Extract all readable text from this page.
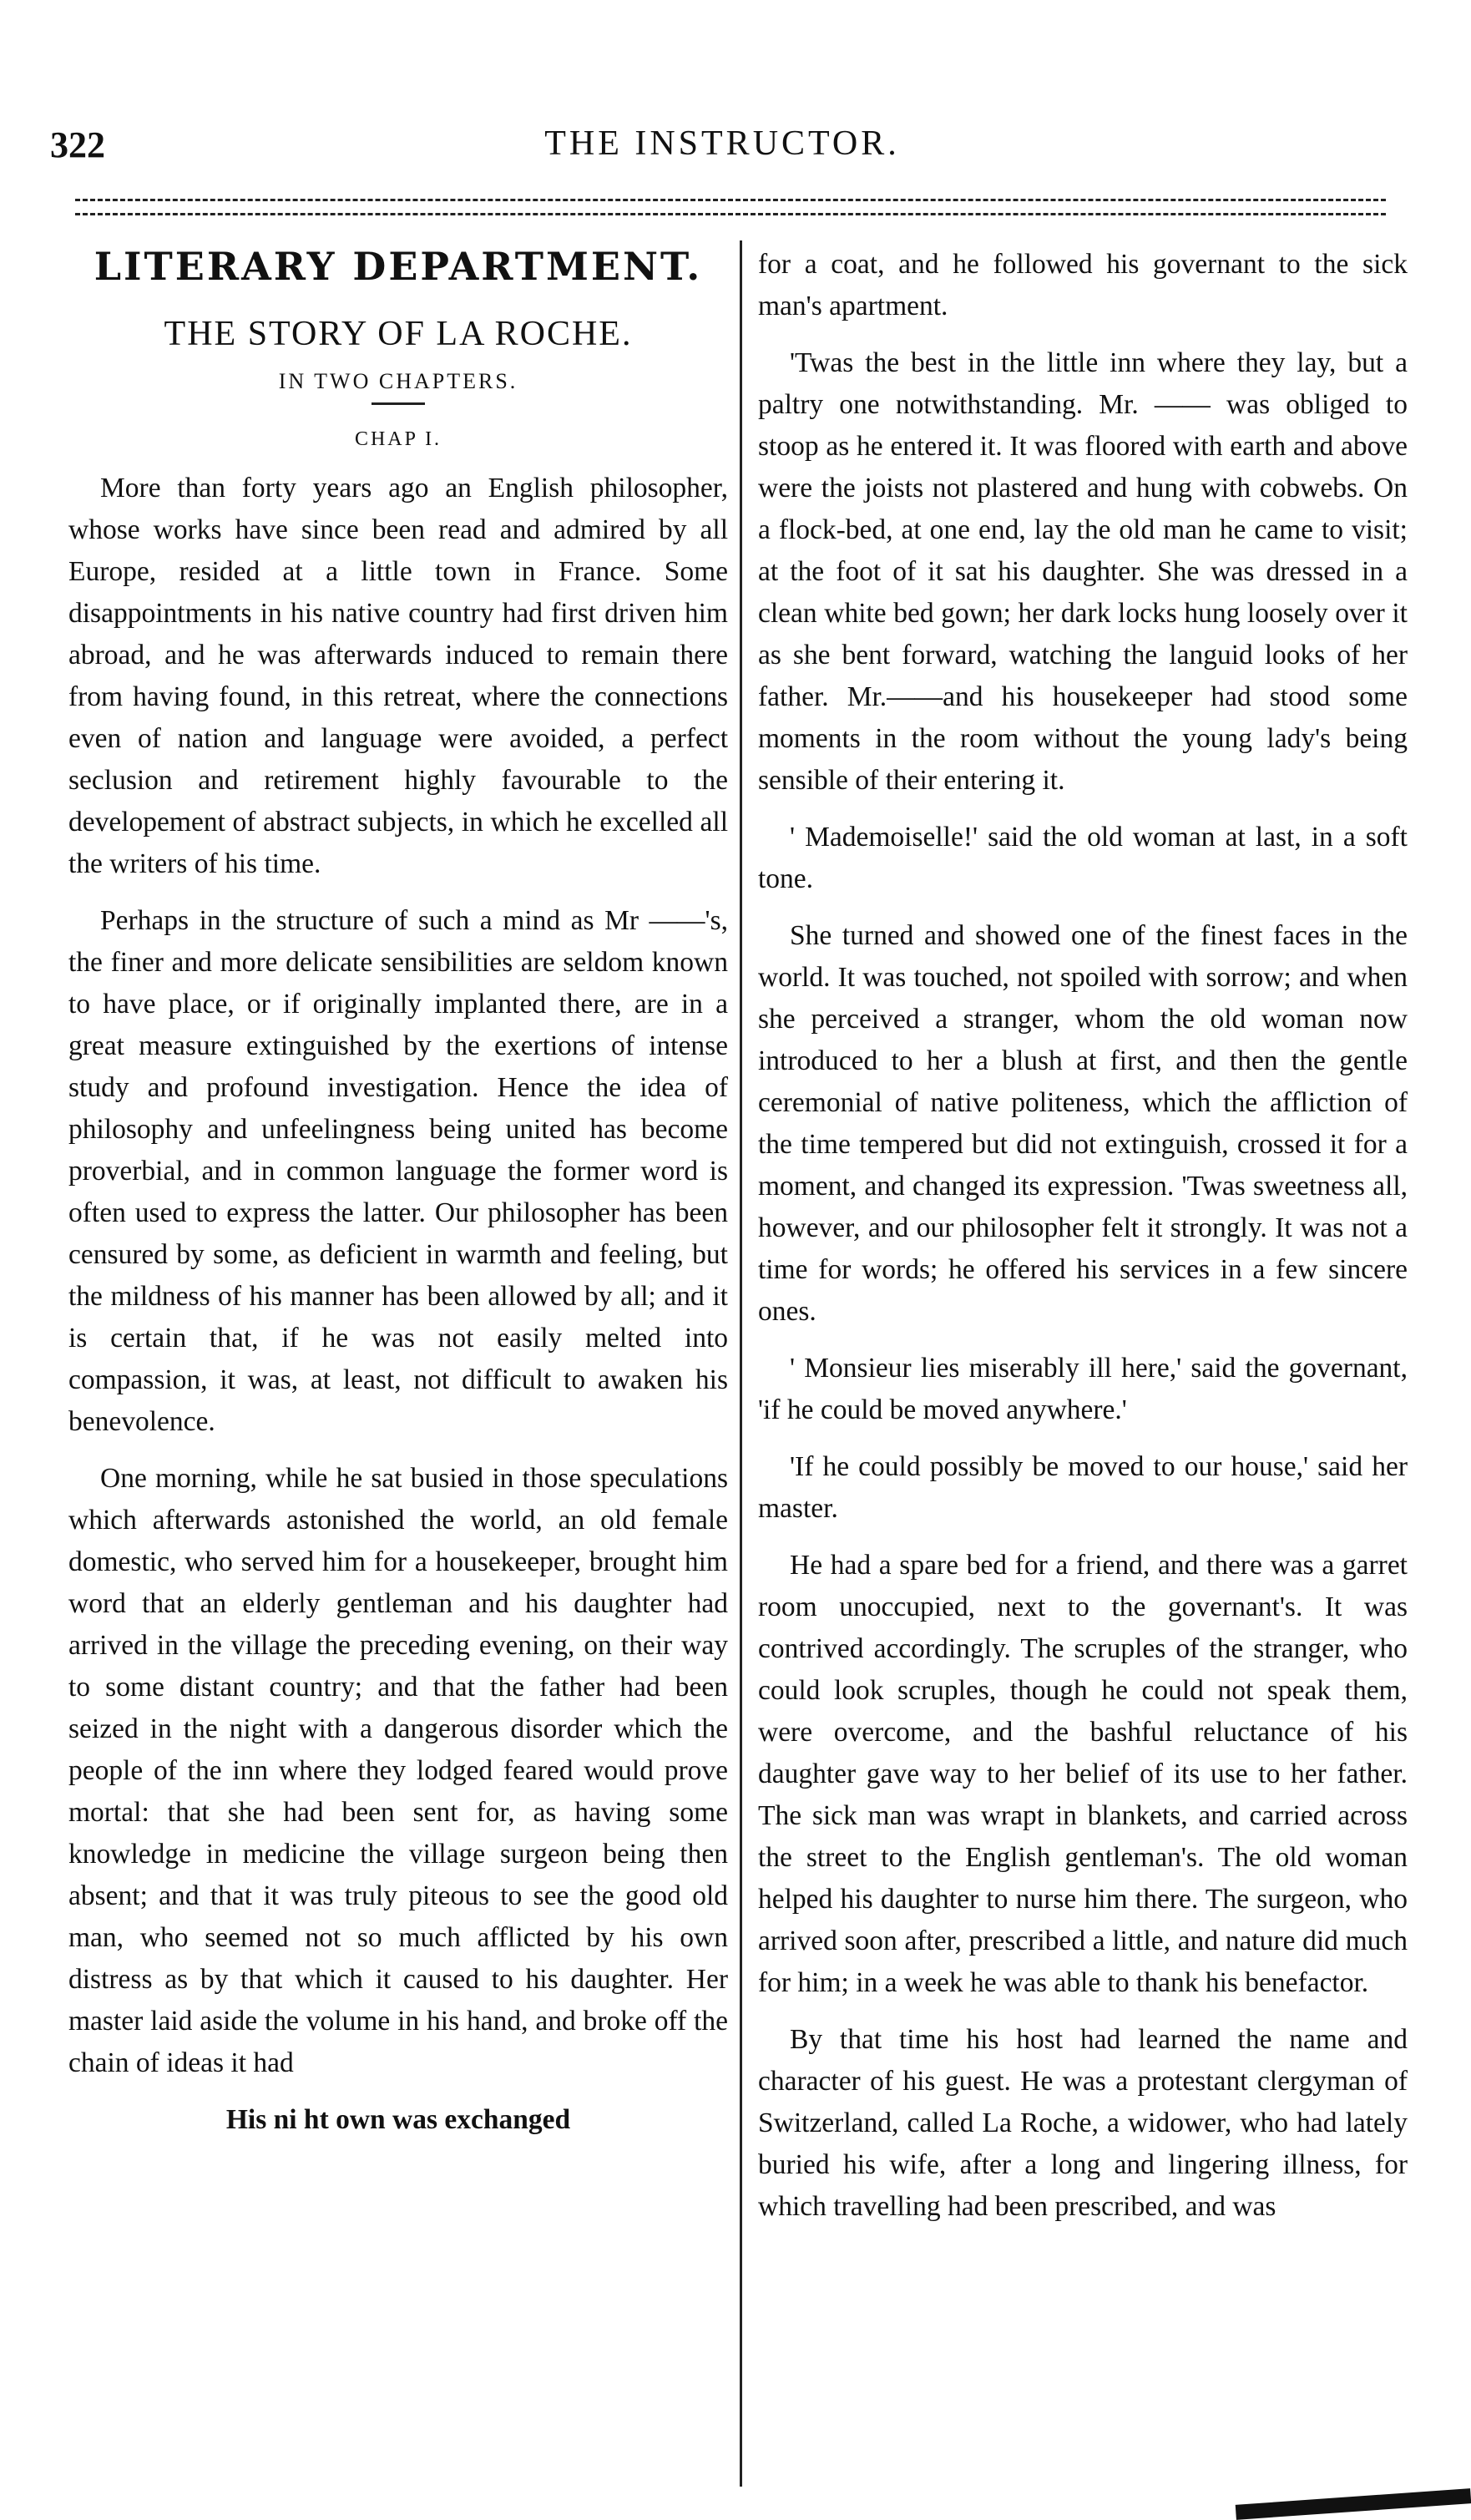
322	THE INSTRUCTOR.
LITERARY DEPARTMENT.
THE STORY OF LA ROCHE.
IN TWO CHAPTERS.
CHAP I.

More than forty years ago an English philosopher, whose works have since been read and admired by all Europe, resided at a little town in France. Some disappointments in his native country had first driven him abroad, and he was afterwards induced to remain there from having found, in this retreat, where the connections even of nation and language were avoided, a perfect seclusion and retirement highly favourable to the developement of abstract subjects, in which he excelled all the writers of his time.

Perhaps in the structure of such a mind as Mr ——'s, the finer and more delicate sensibilities are seldom known to have place, or if originally implanted there, are in a great measure extinguished by the exertions of intense study and profound investigation. Hence the idea of philosophy and unfeelingness being united has become proverbial, and in common language the former word is often used to express the latter. Our philosopher has been censured by some, as deficient in warmth and feeling, but the mildness of his manner has been allowed by all; and it is certain that, if he was not easily melted into compassion, it was, at least, not difficult to awaken his benevolence.

One morning, while he sat busied in those speculations which afterwards astonished the world, an old female domestic, who served him for a housekeeper, brought him word that an elderly gentleman and his daughter had arrived in the village the preceding evening, on their way to some distant country; and that the father had been seized in the night with a dangerous disorder which the people of the inn where they lodged feared would prove mortal: that she had been sent for, as having some knowledge in medicine the village surgeon being then absent; and that it was truly piteous to see the good old man, who seemed not so much afflicted by his own distress as by that which it caused to his daughter. Her master laid aside the volume in his hand, and broke off the chain of ideas it had

His ni ht own was exchanged

for a coat, and he followed his governant to the sick man's apartment.

'Twas the best in the little inn where they lay, but a paltry one notwithstanding. Mr. —— was obliged to stoop as he entered it. It was floored with earth and above were the joists not plastered and hung with cobwebs. On a flock-bed, at one end, lay the old man he came to visit; at the foot of it sat his daughter. She was dressed in a clean white bed gown; her dark locks hung loosely over it as she bent forward, watching the languid looks of her father. Mr.——and his housekeeper had stood some moments in the room without the young lady's being sensible of their entering it.

' Mademoiselle!' said the old woman at last, in a soft tone.

She turned and showed one of the finest faces in the world. It was touched, not spoiled with sorrow; and when she perceived a stranger, whom the old woman now introduced to her a blush at first, and then the gentle ceremonial of native politeness, which the affliction of the time tempered but did not extinguish, crossed it for a moment, and changed its expression. 'Twas sweetness all, however, and our philosopher felt it strongly. It was not a time for words; he offered his services in a few sincere ones.

' Monsieur lies miserably ill here,' said the governant, 'if he could be moved anywhere.'

'If he could possibly be moved to our house,' said her master.

He had a spare bed for a friend, and there was a garret room unoccupied, next to the governant's. It was contrived accordingly. The scruples of the stranger, who could look scruples, though he could not speak them, were overcome, and the bashful reluctance of his daughter gave way to her belief of its use to her father. The sick man was wrapt in blankets, and carried across the street to the English gentleman's. The old woman helped his daughter to nurse him there. The surgeon, who arrived soon after, prescribed a little, and nature did much for him; in a week he was able to thank his benefactor.

By that time his host had learned the name and character of his guest. He was a protestant clergyman of Switzerland, called La Roche, a widower, who had lately buried his wife, after a long and lingering illness, for which travelling had been prescribed, and was
